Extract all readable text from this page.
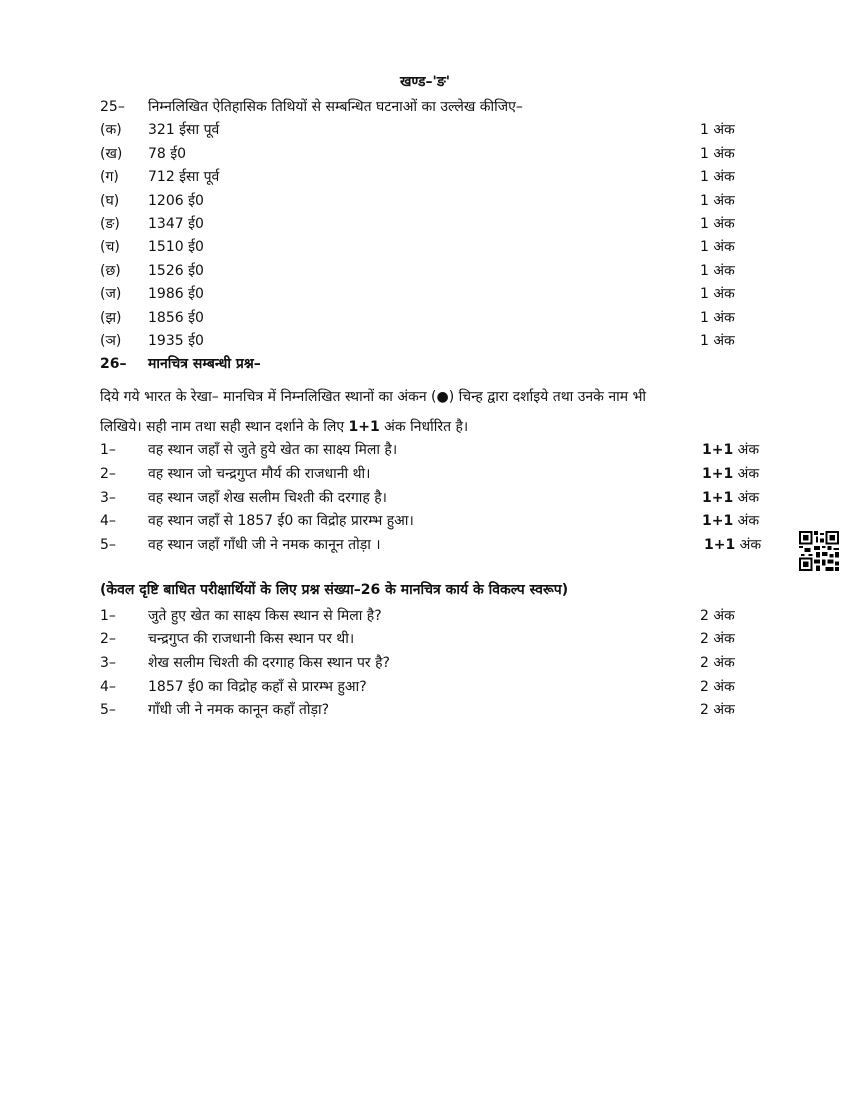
खण्ड–'ङ'
25– निम्नलिखित ऐतिहासिक तिथियों से सम्बन्धित घटनाओं का उल्लेख कीजिए–
(क) 321 ईसा पूर्व	1 अंक
(ख) 78 ई0	1 अंक
(ग) 712 ईसा पूर्व	1 अंक
(घ) 1206 ई0	1 अंक
(ङ) 1347 ई0	1 अंक
(च) 1510 ई0	1 अंक
(छ) 1526 ई0	1 अंक
(ज) 1986 ई0	1 अंक
(झ) 1856 ई0	1 अंक
(ञ) 1935 ई0	1 अंक
26– मानचित्र सम्बन्धी प्रश्न–
दिये गये भारत के रेखा– मानचित्र में निम्नलिखित स्थानों का अंकन (●) चिन्ह द्वारा दर्शाइये तथा उनके नाम भी
लिखिये। सही नाम तथा सही स्थान दर्शाने के लिए 1+1 अंक निर्धारित है।
1– वह स्थान जहाँ से जुते हुये खेत का साक्ष्य मिला है।	1+1 अंक
2– वह स्थान जो चन्द्रगुप्त मौर्य की राजधानी थी।	1+1 अंक
3– वह स्थान जहाँ शेख सलीम चिश्ती की दरगाह है।	1+1 अंक
4– वह स्थान जहाँ से 1857 ई0 का विद्रोह प्रारम्भ हुआ।	1+1 अंक
5– वह स्थान जहाँ गाँधी जी ने नमक कानून तोड़ा ।	1+1 अंक
(केवल दृष्टि बाधित परीक्षार्थियों के लिए प्रश्न संख्या–26 के मानचित्र कार्य के विकल्प स्वरूप)
1– जुते हुए खेत का साक्ष्य किस स्थान से मिला है?	2 अंक
2– चन्द्रगुप्त की राजधानी किस स्थान पर थी।	2 अंक
3– शेख सलीम चिश्ती की दरगाह किस स्थान पर है?	2 अंक
4– 1857 ई0 का विद्रोह कहाँ से प्रारम्भ हुआ?	2 अंक
5– गाँधी जी ने नमक कानून कहाँ तोड़ा?	2 अंक
